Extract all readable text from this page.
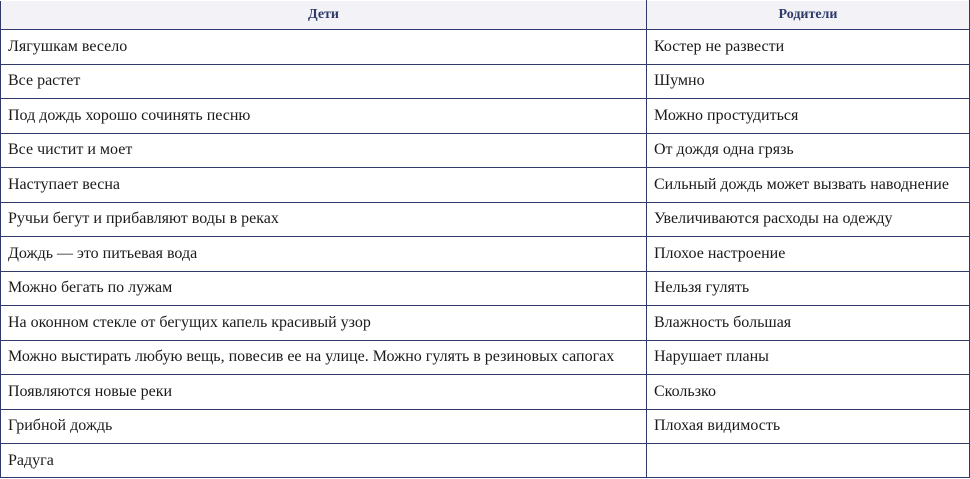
Дети	Родители
Лягушкам весело	Костер не развести
Все растет	Шумно
Под дождь хорошо сочинять песню	Можно простудиться
Все чистит и моет	От дождя одна грязь
Наступает весна	Сильный дождь может вызвать наводнение
Ручьи бегут и прибавляют воды в реках	Увеличиваются расходы на одежду
Дождь — это питьевая вода	Плохое настроение
Можно бегать по лужам	Нельзя гулять
На оконном стекле от бегущих капель красивый узор	Влажность большая
Можно выстирать любую вещь, повесив ее на улице. Можно гулять в резиновых сапогах	Нарушает планы
Появляются новые реки	Скользко
Грибной дождь	Плохая видимость
Радуга	
